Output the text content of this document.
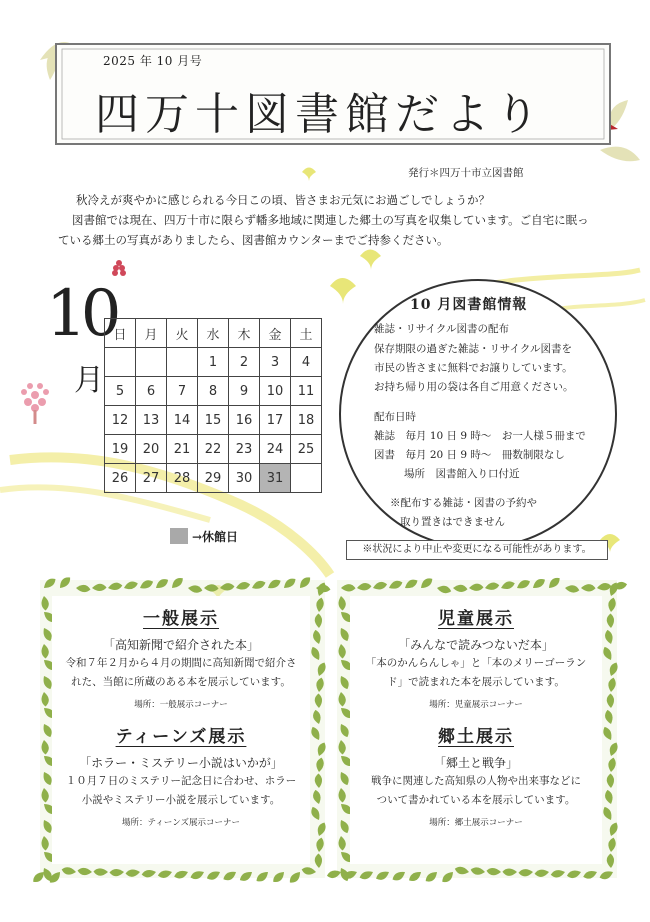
2025 年 10 月号
四万十図書館だより
発行＊四万十市立図書館
秋冷えが爽やかに感じられる今日この頃、皆さまお元気にお過ごしでしょうか？
図書館では現在、四万十市に限らず幡多地域に関連した郷土の写真を収集しています。ご自宅に眠っ
ている郷土の写真がありましたら、図書館カウンターまでご持参ください。
10
月
日	月	火	水	木	金	土
			1	2	3	4
5	6	7	8	9	10	11
12	13	14	15	16	17	18
19	20	21	22	23	24	25
26	27	28	29	30	31	
→休館日
10 月図書館情報
雑誌・リサイクル図書の配布
保存期限の過ぎた雑誌・リサイクル図書を
市民の皆さまに無料でお譲りしています。
お持ち帰り用の袋は各自ご用意ください。
配布日時
雑誌　毎月 10 日 9 時～　お一人様５冊まで
図書　毎月 20 日 9 時～　冊数制限なし
場所　図書館入り口付近
※配布する雑誌・図書の予約や
取り置きはできません
※状況により中止や変更になる可能性があります。
一般展示
「高知新聞で紹介された本」
令和７年２月から４月の期間に高知新聞で紹介さ
れた、当館に所蔵のある本を展示しています。
場所：一般展示コーナー
ティーンズ展示
「ホラー・ミステリー小説はいかが」
１０月７日のミステリー記念日に合わせ、ホラー
小説やミステリー小説を展示しています。
場所：ティーンズ展示コーナー
児童展示
「みんなで読みつないだ本」
「本のかんらんしゃ」と「本のメリーゴーラン
ド」で読まれた本を展示しています。
場所：児童展示コーナー
郷土展示
「郷土と戦争」
戦争に関連した高知県の人物や出来事などに
ついて書かれている本を展示しています。
場所：郷土展示コーナー
